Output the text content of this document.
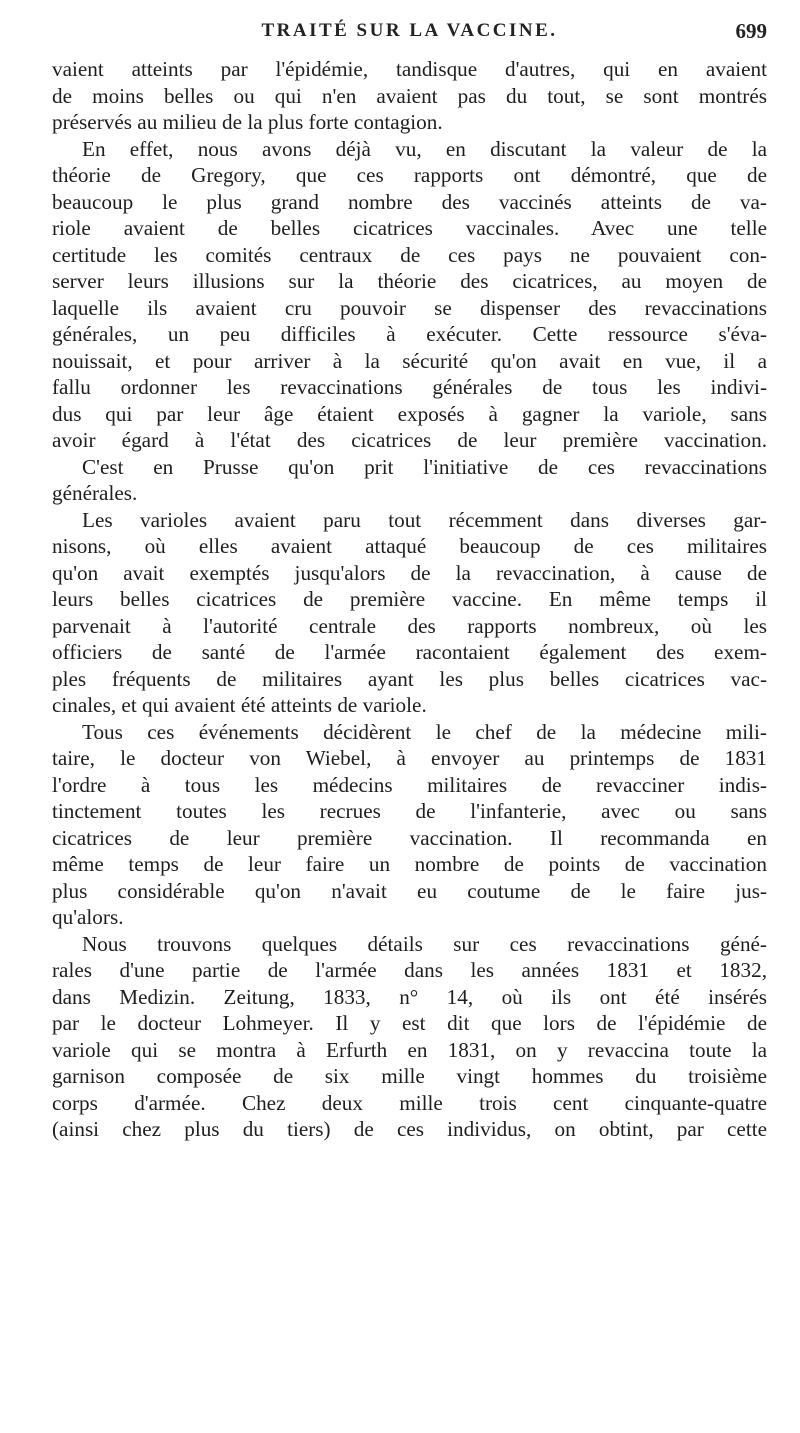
TRAITÉ SUR LA VACCINE.	699
vaient atteints par l'épidémie, tandisque d'autres, qui en avaient
de moins belles ou qui n'en avaient pas du tout, se sont montrés
préservés au milieu de la plus forte contagion.
En effet, nous avons déjà vu, en discutant la valeur de la
théorie de Gregory, que ces rapports ont démontré, que de
beaucoup le plus grand nombre des vaccinés atteints de va-
riole avaient de belles cicatrices vaccinales. Avec une telle
certitude les comités centraux de ces pays ne pouvaient con-
server leurs illusions sur la théorie des cicatrices, au moyen de
laquelle ils avaient cru pouvoir se dispenser des revaccinations
générales, un peu difficiles à exécuter. Cette ressource s'éva-
nouissait, et pour arriver à la sécurité qu'on avait en vue, il a
fallu ordonner les revaccinations générales de tous les indivi-
dus qui par leur âge étaient exposés à gagner la variole, sans
avoir égard à l'état des cicatrices de leur première vaccination.
C'est en Prusse qu'on prit l'initiative de ces revaccinations
générales.
Les varioles avaient paru tout récemment dans diverses gar-
nisons, où elles avaient attaqué beaucoup de ces militaires
qu'on avait exemptés jusqu'alors de la revaccination, à cause de
leurs belles cicatrices de première vaccine. En même temps il
parvenait à l'autorité centrale des rapports nombreux, où les
officiers de santé de l'armée racontaient également des exem-
ples fréquents de militaires ayant les plus belles cicatrices vac-
cinales, et qui avaient été atteints de variole.
Tous ces événements décidèrent le chef de la médecine mili-
taire, le docteur von Wiebel, à envoyer au printemps de 1831
l'ordre à tous les médecins militaires de revacciner indis-
tinctement toutes les recrues de l'infanterie, avec ou sans
cicatrices de leur première vaccination. Il recommanda en
même temps de leur faire un nombre de points de vaccination
plus considérable qu'on n'avait eu coutume de le faire jus-
qu'alors.
Nous trouvons quelques détails sur ces revaccinations géné-
rales d'une partie de l'armée dans les années 1831 et 1832,
dans Medizin. Zeitung, 1833, n° 14, où ils ont été insérés
par le docteur Lohmeyer. Il y est dit que lors de l'épidémie de
variole qui se montra à Erfurth en 1831, on y revaccina toute la
garnison composée de six mille vingt hommes du troisième
corps d'armée. Chez deux mille trois cent cinquante-quatre
(ainsi chez plus du tiers) de ces individus, on obtint, par cette
